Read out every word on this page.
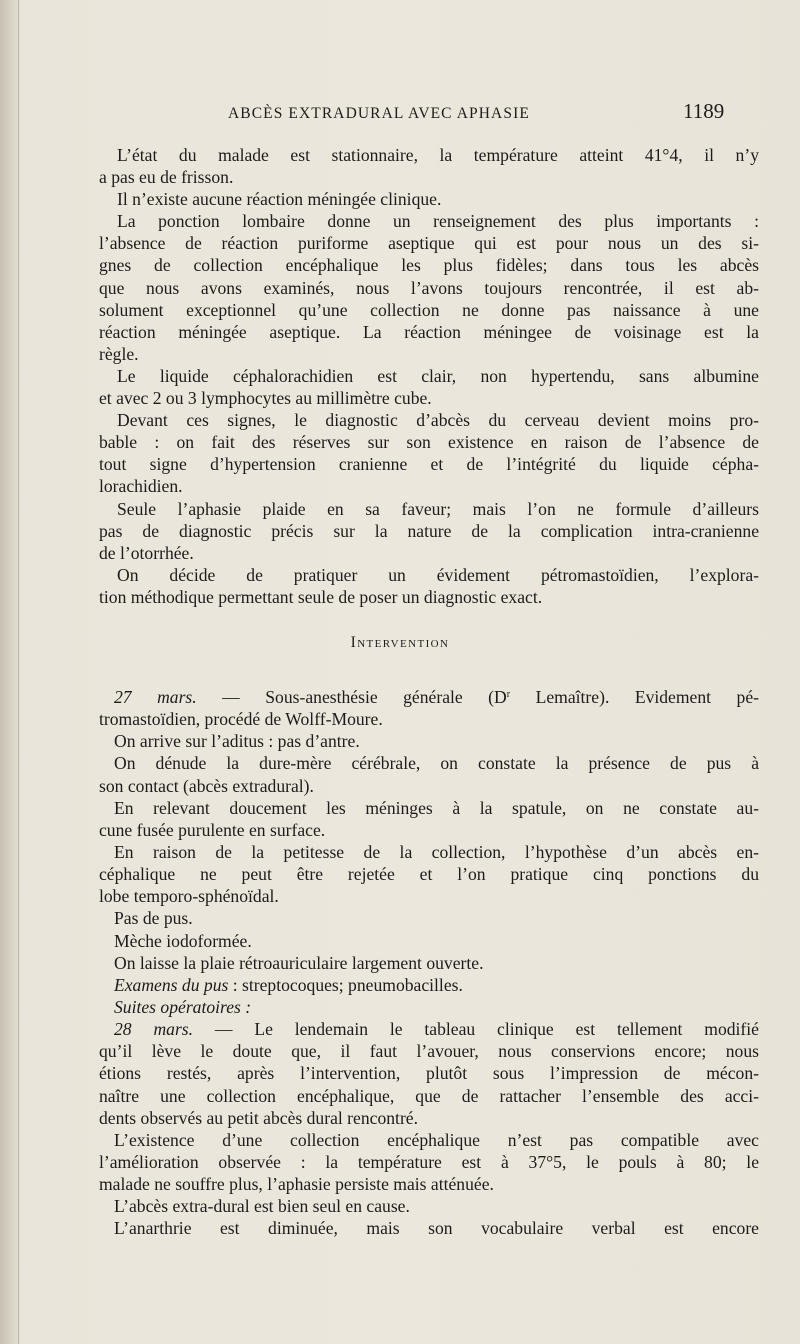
ABCÈS EXTRADURAL AVEC APHASIE	1189
L’état du malade est stationnaire, la température atteint 41°4, il n’y
a pas eu de frisson.
Il n’existe aucune réaction méningée clinique.
La ponction lombaire donne un renseignement des plus importants :
l’absence de réaction puriforme aseptique qui est pour nous un des si-
gnes de collection encéphalique les plus fidèles; dans tous les abcès
que nous avons examinés, nous l’avons toujours rencontrée, il est ab-
solument exceptionnel qu’une collection ne donne pas naissance à une
réaction méningée aseptique. La réaction méningee de voisinage est la
règle.
Le liquide céphalorachidien est clair, non hypertendu, sans albumine
et avec 2 ou 3 lymphocytes au millimètre cube.
Devant ces signes, le diagnostic d’abcès du cerveau devient moins pro-
bable : on fait des réserves sur son existence en raison de l’absence de
tout signe d’hypertension cranienne et de l’intégrité du liquide cépha-
lorachidien.
Seule l’aphasie plaide en sa faveur; mais l’on ne formule d’ailleurs
pas de diagnostic précis sur la nature de la complication intra-cranienne
de l’otorrhée.
On décide de pratiquer un évidement pétromastoïdien, l’explora-
tion méthodique permettant seule de poser un diagnostic exact.
Intervention
27 mars. — Sous-anesthésie générale ($D^r$ Lemaître). Evidement pé-
tromastoïdien, procédé de Wolff-Moure.
On arrive sur l’aditus : pas d’antre.
On dénude la dure-mère cérébrale, on constate la présence de pus à
son contact (abcès extradural).
En relevant doucement les méninges à la spatule, on ne constate au-
cune fusée purulente en surface.
En raison de la petitesse de la collection, l’hypothèse d’un abcès en-
céphalique ne peut être rejetée et l’on pratique cinq ponctions du
lobe temporo-sphénoïdal.
Pas de pus.
Mèche iodoformée.
On laisse la plaie rétroauriculaire largement ouverte.
Examens du pus : streptocoques; pneumobacilles.
Suites opératoires :
28 mars. — Le lendemain le tableau clinique est tellement modifié
qu’il lève le doute que, il faut l’avouer, nous conservions encore; nous
étions restés, après l’intervention, plutôt sous l’impression de mécon-
naître une collection encéphalique, que de rattacher l’ensemble des acci-
dents observés au petit abcès dural rencontré.
L’existence d’une collection encéphalique n’est pas compatible avec
l’amélioration observée : la température est à 37°5, le pouls à 80; le
malade ne souffre plus, l’aphasie persiste mais atténuée.
L’abcès extra-dural est bien seul en cause.
L’anarthrie est diminuée, mais son vocabulaire verbal est encore
